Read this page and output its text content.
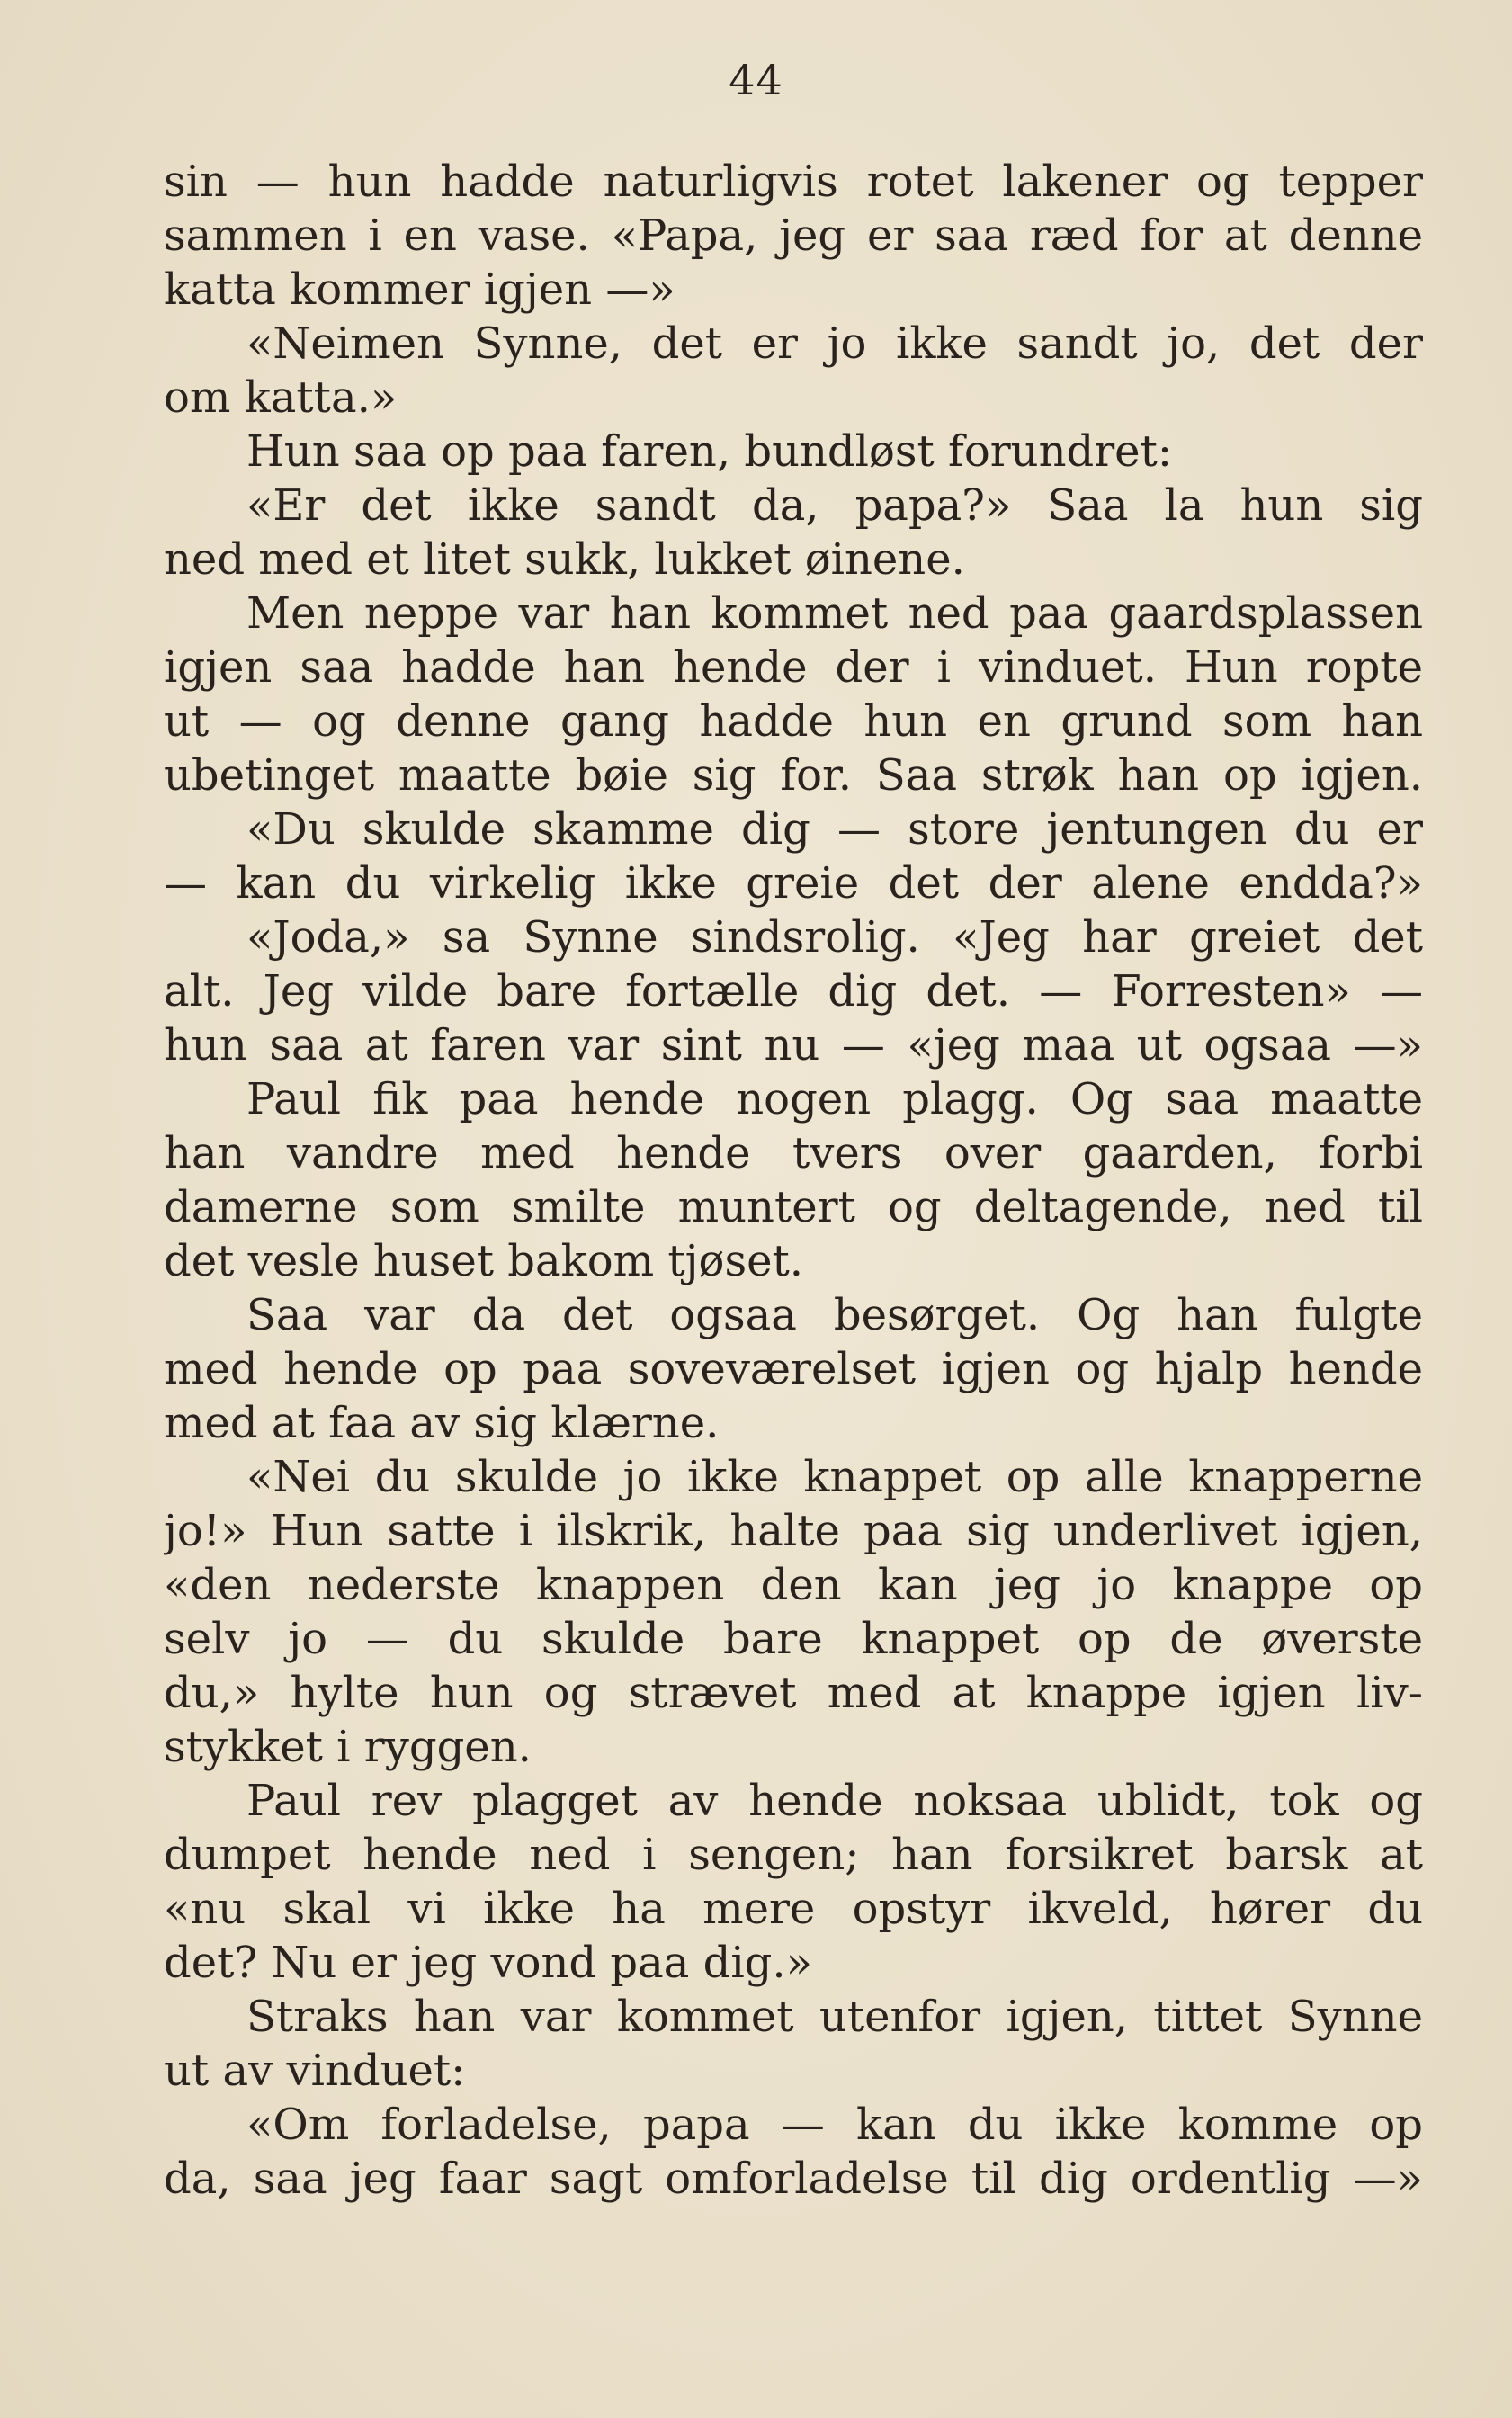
44
sin — hun hadde naturligvis rotet lakener og tepper
sammen i en vase. «Papa, jeg er saa ræd for at denne
katta kommer igjen —»
«Neimen Synne, det er jo ikke sandt jo, det der
om katta.»
Hun saa op paa faren, bundløst forundret:
«Er det ikke sandt da, papa?» Saa la hun sig
ned med et litet sukk, lukket øinene.
Men neppe var han kommet ned paa gaardsplassen
igjen saa hadde han hende der i vinduet. Hun ropte
ut — og denne gang hadde hun en grund som han
ubetinget maatte bøie sig for. Saa strøk han op igjen.
«Du skulde skamme dig — store jentungen du er
— kan du virkelig ikke greie det der alene endda?»
«Joda,» sa Synne sindsrolig. «Jeg har greiet det
alt. Jeg vilde bare fortælle dig det. — Forresten» —
hun saa at faren var sint nu — «jeg maa ut ogsaa —»
Paul fik paa hende nogen plagg. Og saa maatte
han vandre med hende tvers over gaarden, forbi
damerne som smilte muntert og deltagende, ned til
det vesle huset bakom tjøset.
Saa var da det ogsaa besørget. Og han fulgte
med hende op paa soveværelset igjen og hjalp hende
med at faa av sig klærne.
«Nei du skulde jo ikke knappet op alle knapperne
jo!» Hun satte i ilskrik, halte paa sig underlivet igjen,
«den nederste knappen den kan jeg jo knappe op
selv jo — du skulde bare knappet op de øverste
du,» hylte hun og strævet med at knappe igjen liv-
stykket i ryggen.
Paul rev plagget av hende noksaa ublidt, tok og
dumpet hende ned i sengen; han forsikret barsk at
«nu skal vi ikke ha mere opstyr ikveld, hører du
det? Nu er jeg vond paa dig.»
Straks han var kommet utenfor igjen, tittet Synne
ut av vinduet:
«Om forladelse, papa — kan du ikke komme op
da, saa jeg faar sagt omforladelse til dig ordentlig —»
